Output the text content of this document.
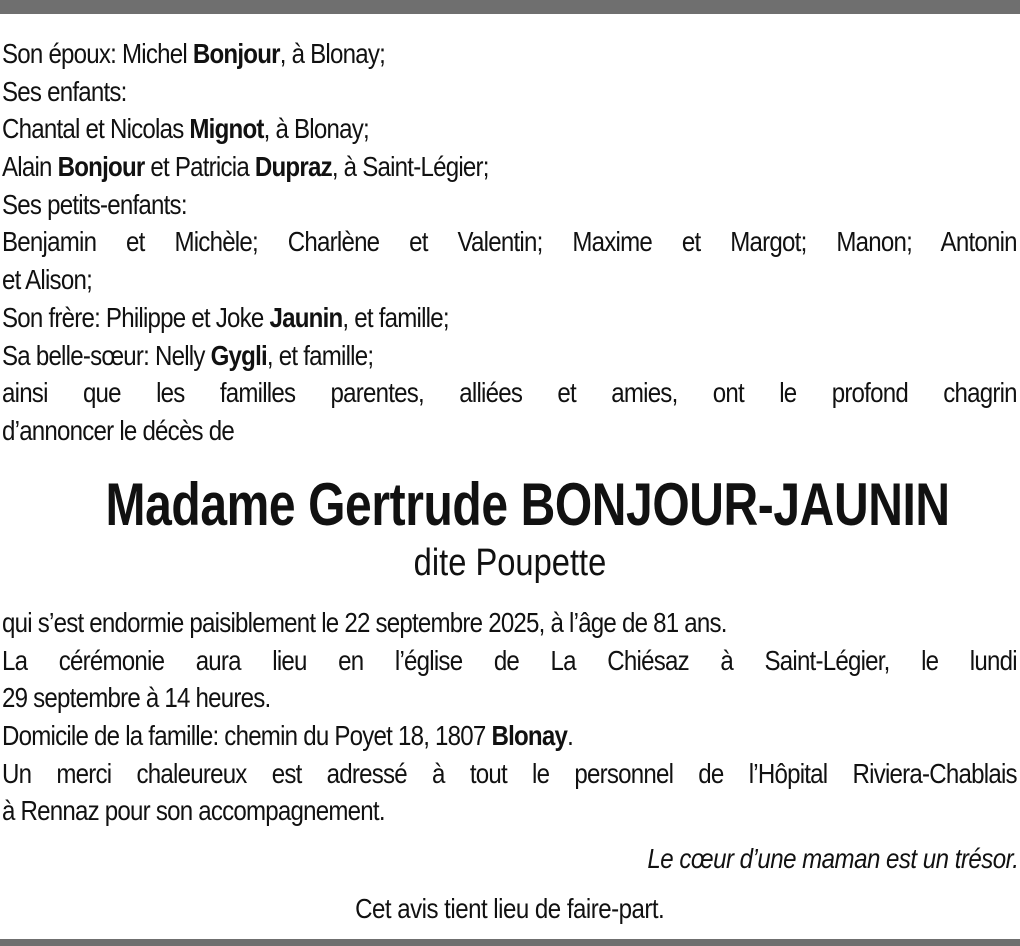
Son époux: Michel Bonjour, à Blonay;
Ses enfants:
Chantal et Nicolas Mignot, à Blonay;
Alain Bonjour et Patricia Dupraz, à Saint-Légier;
Ses petits-enfants:
Benjamin et Michèle; Charlène et Valentin; Maxime et Margot; Manon; Antonin
et Alison;
Son frère: Philippe et Joke Jaunin, et famille;
Sa belle-sœur: Nelly Gygli, et famille;
ainsi que les familles parentes, alliées et amies, ont le profond chagrin
d’annoncer le décès de
Madame Gertrude BONJOUR-JAUNIN
dite Poupette
qui s’est endormie paisiblement le 22 septembre 2025, à l’âge de 81 ans.
La cérémonie aura lieu en l’église de La Chiésaz à Saint-Légier, le lundi
29 septembre à 14 heures.
Domicile de la famille: chemin du Poyet 18, 1807 Blonay.
Un merci chaleureux est adressé à tout le personnel de l’Hôpital Riviera-Chablais
à Rennaz pour son accompagnement.
Le cœur d’une maman est un trésor.
Cet avis tient lieu de faire-part.
